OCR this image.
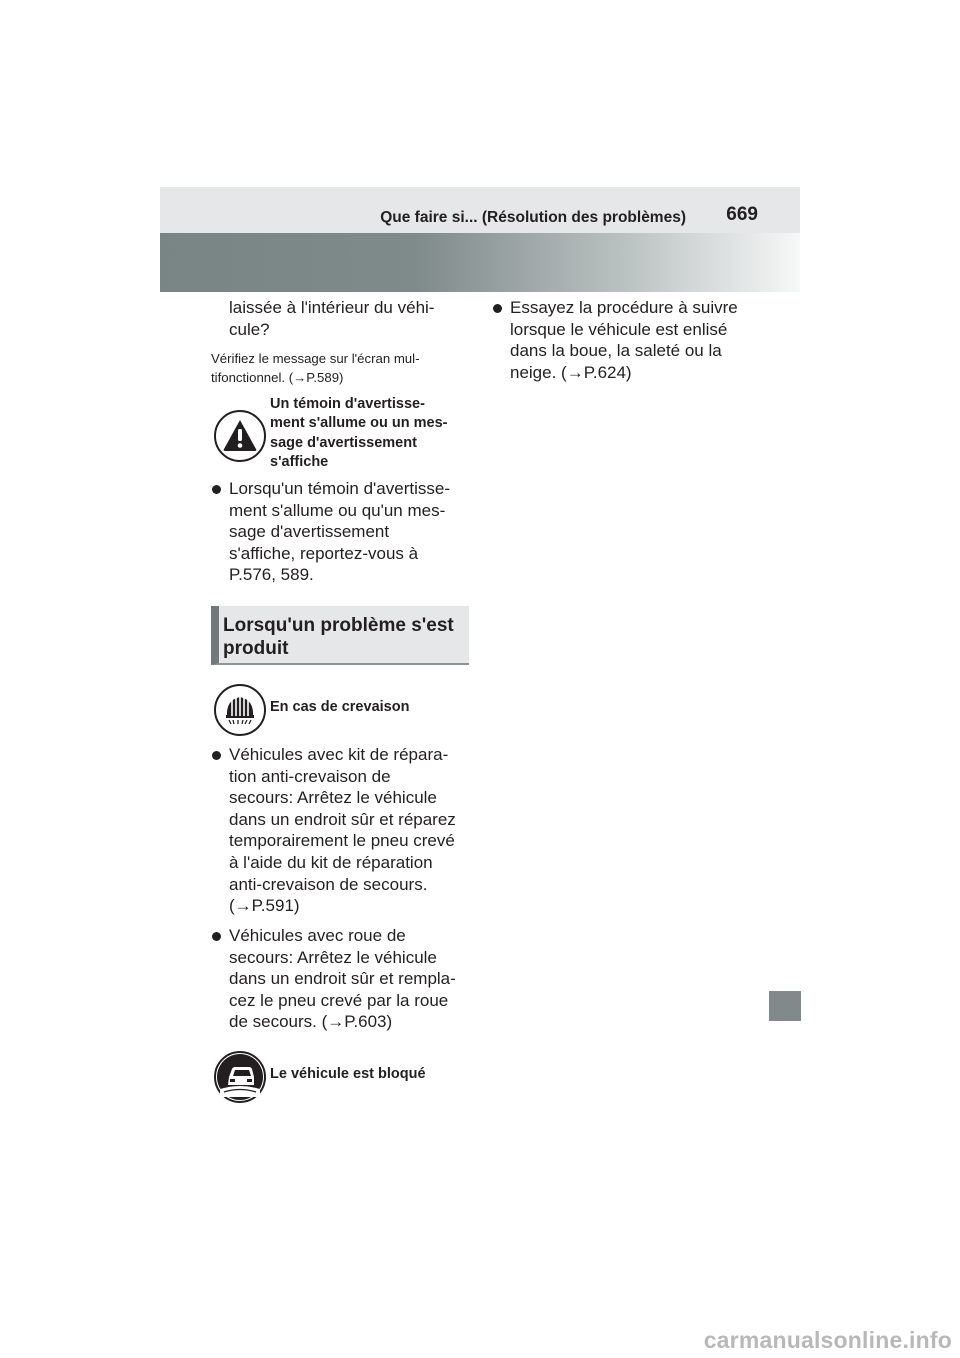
Que faire si... (Résolution des problèmes) 669
laissée à l'intérieur du véhi-
cule?
Vérifiez le message sur l'écran mul-
tifonctionnel. (→P.589)
Un témoin d'avertisse-
ment s'allume ou un mes-
sage d'avertissement
s'affiche
Lorsqu'un témoin d'avertisse-
ment s'allume ou qu'un mes-
sage d'avertissement
s'affiche, reportez-vous à
P.576, 589.
Lorsqu'un problème s'est
produit
En cas de crevaison
Véhicules avec kit de répara-
tion anti-crevaison de
secours: Arrêtez le véhicule
dans un endroit sûr et réparez
temporairement le pneu crevé
à l'aide du kit de réparation
anti-crevaison de secours.
(→P.591)
Véhicules avec roue de
secours: Arrêtez le véhicule
dans un endroit sûr et rempla-
cez le pneu crevé par la roue
de secours. (→P.603)
Le véhicule est bloqué
Essayez la procédure à suivre
lorsque le véhicule est enlisé
dans la boue, la saleté ou la
neige. (→P.624)
carmanualsonline.info
